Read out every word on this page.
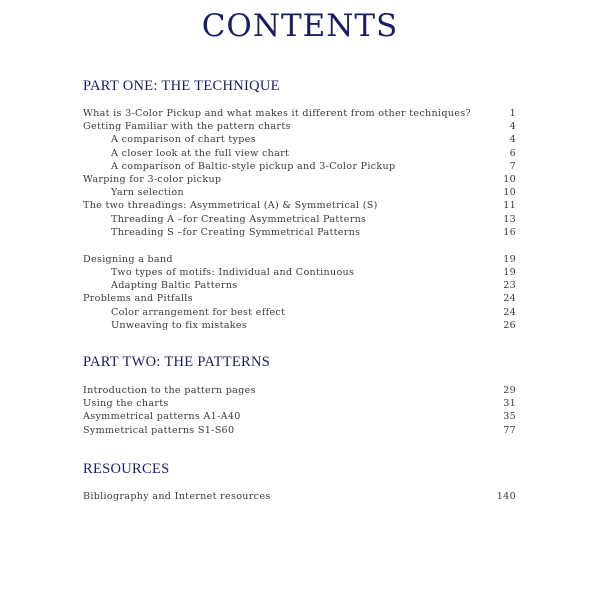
CONTENTS
PART ONE: THE TECHNIQUE
What is 3-Color Pickup and what makes it different from other techniques?	1
Getting Familiar with the pattern charts	4
A comparison of chart types	4
A closer look at the full view chart	6
A comparison of Baltic-style pickup and 3-Color Pickup	7
Warping for 3-color pickup	10
Yarn selection	10
The two threadings: Asymmetrical (A) & Symmetrical (S)	11
Threading A –for Creating Asymmetrical Patterns	13
Threading S –for Creating Symmetrical Patterns	16
Designing a band	19
Two types of motifs: Individual and Continuous	19
Adapting Baltic Patterns	23
Problems and Pitfalls	24
Color arrangement for best effect	24
Unweaving to fix mistakes	26
PART TWO: THE PATTERNS
Introduction to the pattern pages	29
Using the charts	31
Asymmetrical patterns A1-A40	35
Symmetrical patterns S1-S60	77
RESOURCES
Bibliography and Internet resources	140
